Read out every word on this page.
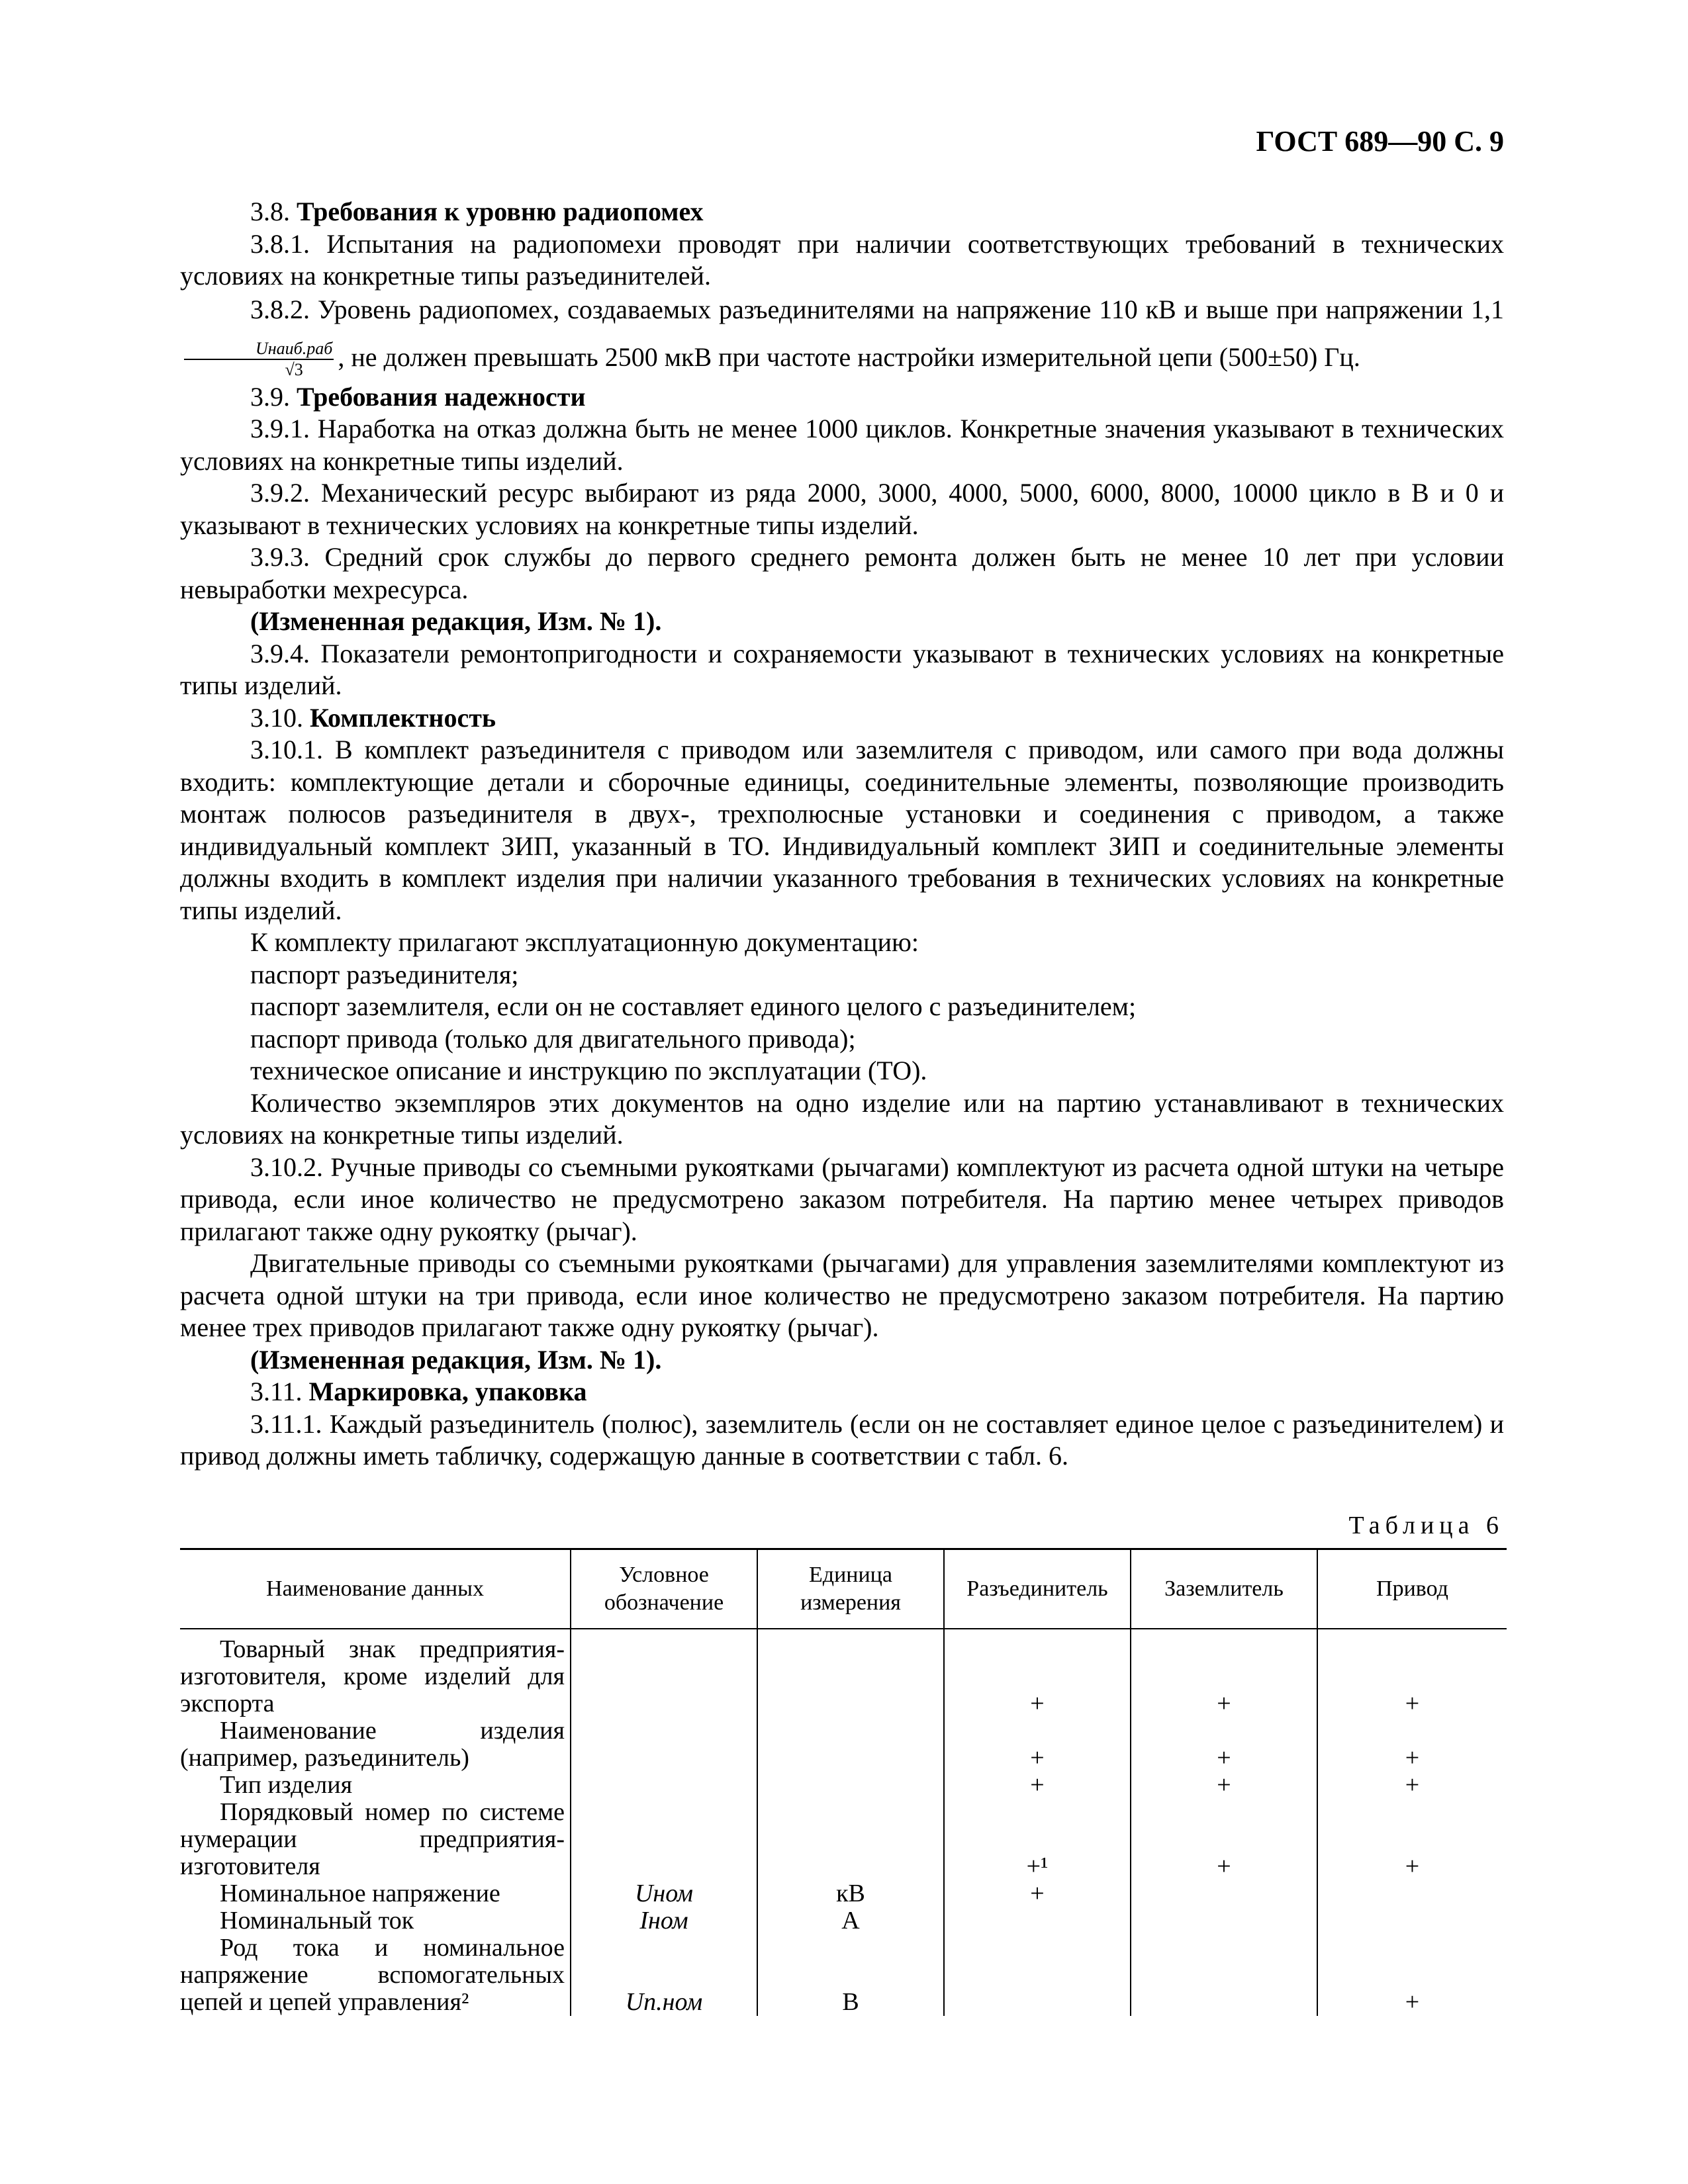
ГОСТ 689—90 С. 9

3.8. Требования к уровню радиопомех

3.8.1. Испытания на радиопомехи проводят при наличии соответствующих требований в технических условиях на конкретные типы разъединителей.

3.8.2. Уровень радиопомех, создаваемых разъединителями на напряжение 110 кВ и выше при напряжении 1,1
$\frac{\text{Uнаиб.раб}}{√3}$ , не должен превышать 2500 мкВ при частоте настройки измерительной цепи (500±50) Гц.

3.9. Требования надежности

3.9.1. Наработка на отказ должна быть не менее 1000 циклов. Конкретные значения указывают в технических условиях на конкретные типы изделий.

3.9.2. Механический ресурс выбирают из ряда 2000, 3000, 4000, 5000, 6000, 8000, 10000 цикло в В и 0 и указывают в технических условиях на конкретные типы изделий.

3.9.3. Средний срок службы до первого среднего ремонта должен быть не менее 10 лет при условии невыработки мехресурса.

(Измененная редакция, Изм. № 1).

3.9.4. Показатели ремонтопригодности и сохраняемости указывают в технических условиях на конкретные типы изделий.

3.10. Комплектность

3.10.1. В комплект разъединителя с приводом или заземлителя с приводом, или самого при вода должны входить: комплектующие детали и сборочные единицы, соединительные элементы, позволяющие производить монтаж полюсов разъединителя в двух-, трехполюсные установки и соединения с приводом, а также индивидуальный комплект ЗИП, указанный в ТО. Индивидуальный комплект ЗИП и соединительные элементы должны входить в комплект изделия при наличии указанного требования в технических условиях на конкретные типы изделий.

К комплекту прилагают эксплуатационную документацию:

паспорт разъединителя;

паспорт заземлителя, если он не составляет единого целого с разъединителем;

паспорт привода (только для двигательного привода);

техническое описание и инструкцию по эксплуатации (ТО).

Количество экземпляров этих документов на одно изделие или на партию устанавливают в технических условиях на конкретные типы изделий.

3.10.2. Ручные приводы со съемными рукоятками (рычагами) комплектуют из расчета одной штуки на четыре привода, если иное количество не предусмотрено заказом потребителя. На партию менее четырех приводов прилагают также одну рукоятку (рычаг).

Двигательные приводы со съемными рукоятками (рычагами) для управления заземлителями комплектуют из расчета одной штуки на три привода, если иное количество не предусмотрено заказом потребителя. На партию менее трех приводов прилагают также одну рукоятку (рычаг).

(Измененная редакция, Изм. № 1).

3.11. Маркировка, упаковка

3.11.1. Каждый разъединитель (полюс), заземлитель (если он не составляет единое целое с разъединителем) и привод должны иметь табличку, содержащую данные в соответствии с табл. 6.

Таблица 6
Наименование данных	Условное обозначение	Единица измерения	Разъединитель	Заземлитель	Привод
Товарный знак предприятия-изготовителя, кроме изделий для экспорта			+	+	+
Наименование изделия (например, разъединитель)			+	+	+
Тип изделия			+	+	+
Порядковый номер по системе нумерации предприятия-изготовителя			+¹	+	+
Номинальное напряжение	Uном	кВ	+		
Номинальный ток	Iном	А			
Род тока и номинальное напряжение вспомогательных цепей и цепей управления²	Uп.ном	В			+
